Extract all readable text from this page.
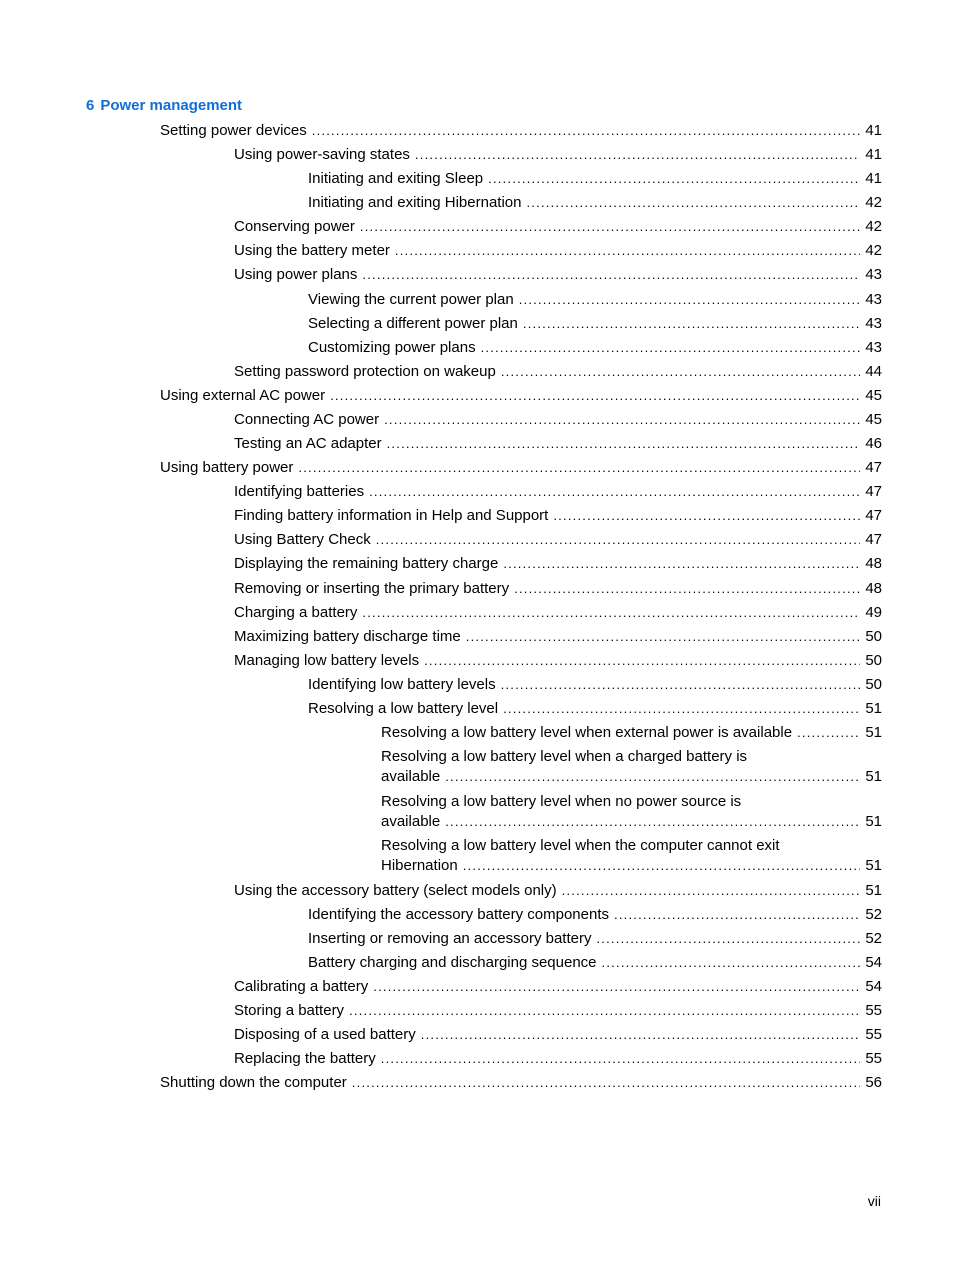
6 Power management
Setting power devices . . .	41
Using power-saving states . . .	41
Initiating and exiting Sleep . . .	41
Initiating and exiting Hibernation . . .	42
Conserving power . . .	42
Using the battery meter . . .	42
Using power plans . . .	43
Viewing the current power plan . . .	43
Selecting a different power plan . . .	43
Customizing power plans . . .	43
Setting password protection on wakeup . . .	44
Using external AC power . . .	45
Connecting AC power . . .	45
Testing an AC adapter . . .	46
Using battery power . . .	47
Identifying batteries . . .	47
Finding battery information in Help and Support . . .	47
Using Battery Check . . .	47
Displaying the remaining battery charge . . .	48
Removing or inserting the primary battery . . .	48
Charging a battery . . .	49
Maximizing battery discharge time . . .	50
Managing low battery levels . . .	50
Identifying low battery levels . . .	50
Resolving a low battery level . . .	51
Resolving a low battery level when external power is available . . .	51
Resolving a low battery level when a charged battery is
available . . .	51
Resolving a low battery level when no power source is
available . . .	51
Resolving a low battery level when the computer cannot exit
Hibernation . . .	51
Using the accessory battery (select models only) . . .	51
Identifying the accessory battery components . . .	52
Inserting or removing an accessory battery . . .	52
Battery charging and discharging sequence . . .	54
Calibrating a battery . . .	54
Storing a battery . . .	55
Disposing of a used battery . . .	55
Replacing the battery . . .	55
Shutting down the computer . . .	56
vii
